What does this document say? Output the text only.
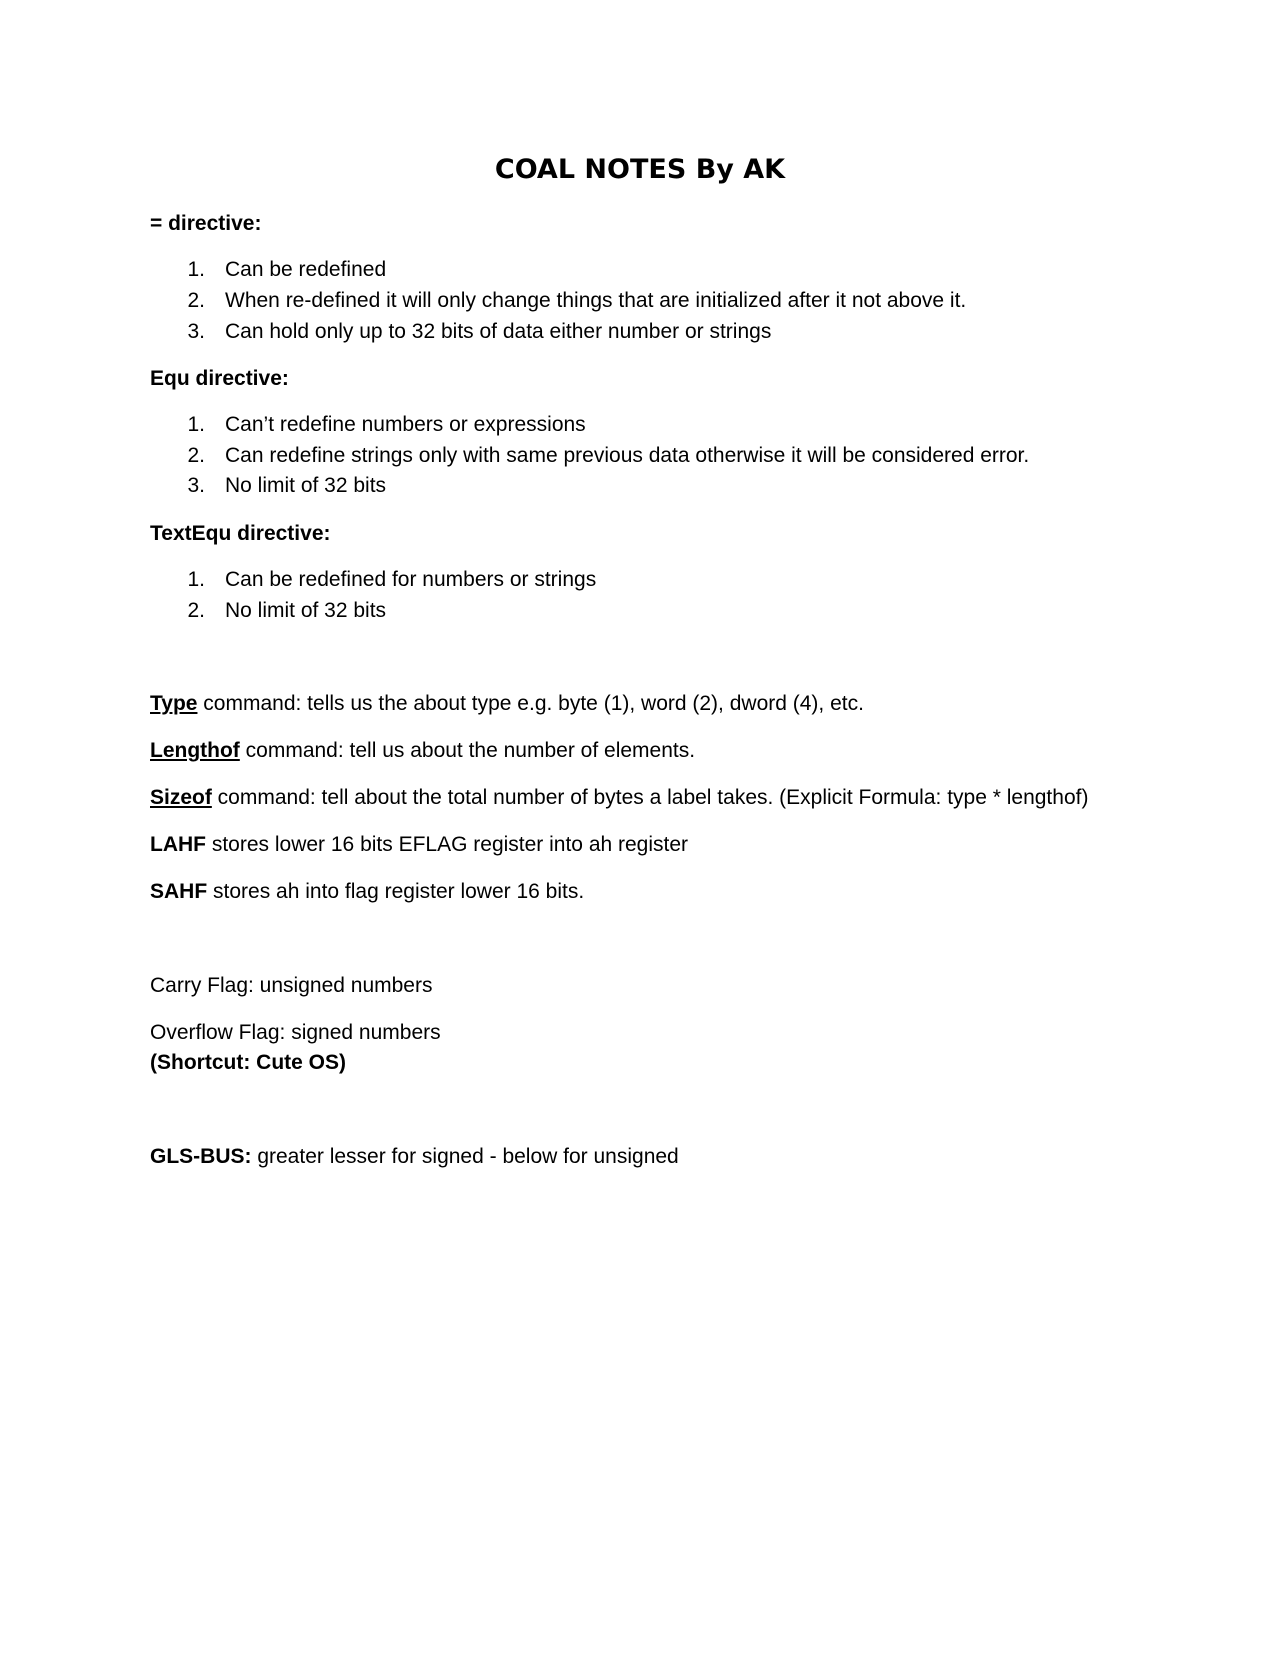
COAL NOTES By AK
= directive:
1. Can be redefined
2. When re-defined it will only change things that are initialized after it not above it.
3. Can hold only up to 32 bits of data either number or strings
Equ directive:
1. Can’t redefine numbers or expressions
2. Can redefine strings only with same previous data otherwise it will be considered error.
3. No limit of 32 bits
TextEqu directive:
1. Can be redefined for numbers or strings
2. No limit of 32 bits
Type command: tells us the about type e.g. byte (1), word (2), dword (4), etc.
Lengthof command: tell us about the number of elements.
Sizeof command: tell about the total number of bytes a label takes. (Explicit Formula: type * lengthof)
LAHF stores lower 16 bits EFLAG register into ah register
SAHF stores ah into flag register lower 16 bits.
Carry Flag: unsigned numbers
Overflow Flag: signed numbers
(Shortcut: Cute OS)
GLS-BUS: greater lesser for signed - below for unsigned
